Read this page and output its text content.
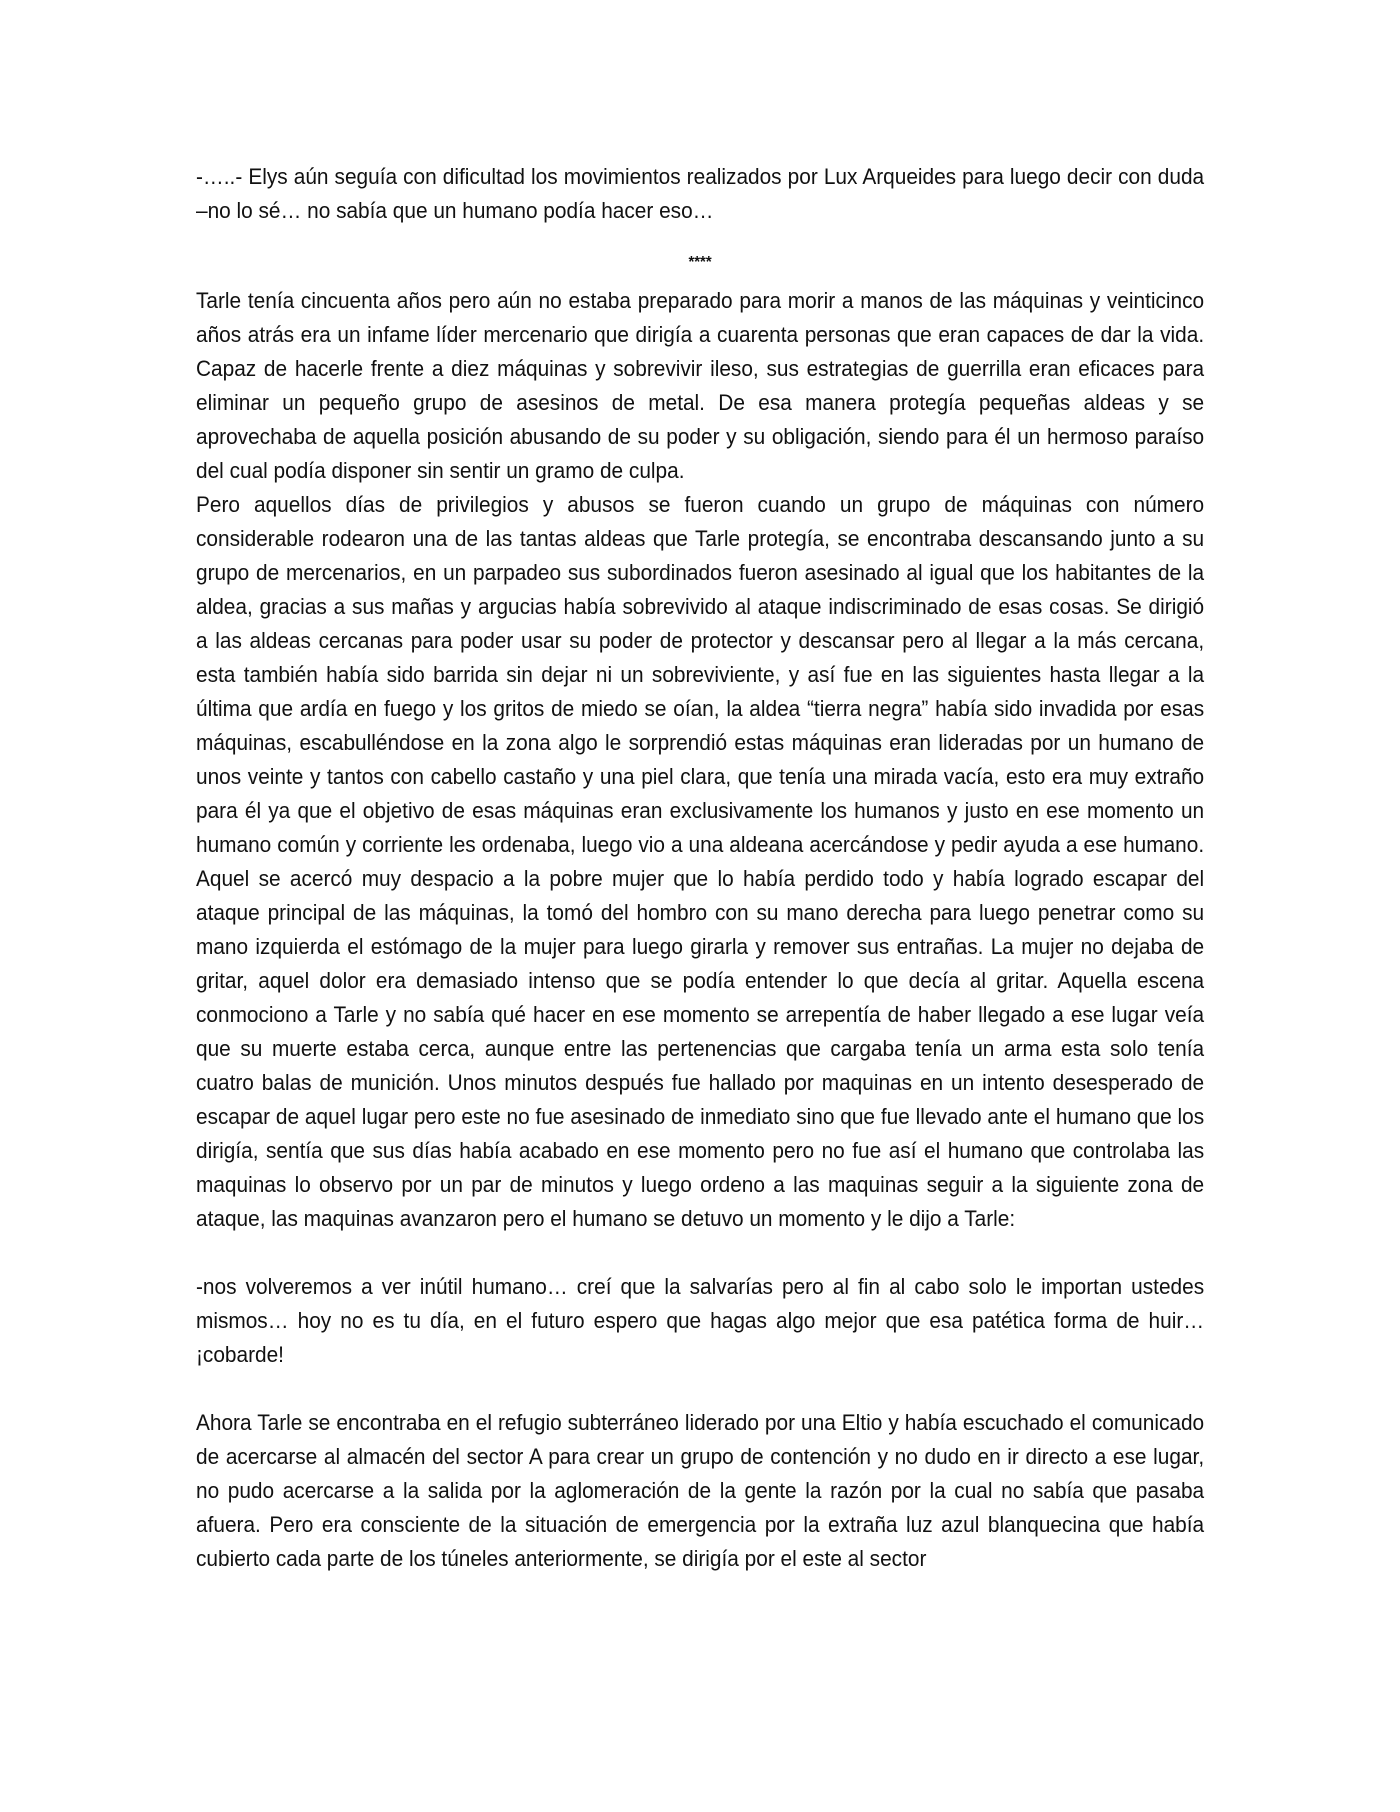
-…..- Elys aún seguía con dificultad los movimientos realizados por Lux Arqueides para luego decir con duda –no lo sé… no sabía que un humano podía hacer eso…

****

Tarle tenía cincuenta años pero aún no estaba preparado para morir a manos de las máquinas y veinticinco años atrás era un infame líder mercenario que dirigía a cuarenta personas que eran capaces de dar la vida. Capaz de hacerle frente a diez máquinas y sobrevivir ileso, sus estrategias de guerrilla eran eficaces para eliminar un pequeño grupo de asesinos de metal. De esa manera protegía pequeñas aldeas y se aprovechaba de aquella posición abusando de su poder y su obligación, siendo para él un hermoso paraíso del cual podía disponer sin sentir un gramo de culpa.

Pero aquellos días de privilegios y abusos se fueron cuando un grupo de máquinas con número considerable rodearon una de las tantas aldeas que Tarle protegía, se encontraba descansando junto a su grupo de mercenarios, en un parpadeo sus subordinados fueron asesinado al igual que los habitantes de la aldea, gracias a sus mañas y argucias había sobrevivido al ataque indiscriminado de esas cosas. Se dirigió a las aldeas cercanas para poder usar su poder de protector y descansar pero al llegar a la más cercana, esta también había sido barrida sin dejar ni un sobreviviente, y así fue en las siguientes hasta llegar a la última que ardía en fuego y los gritos de miedo se oían, la aldea “tierra negra” había sido invadida por esas máquinas, escabulléndose en la zona algo le sorprendió estas máquinas eran lideradas por un humano de unos veinte y tantos con cabello castaño y una piel clara, que tenía una mirada vacía, esto era muy extraño para él ya que el objetivo de esas máquinas eran exclusivamente los humanos y justo en ese momento un humano común y corriente les ordenaba, luego vio a una aldeana acercándose y pedir ayuda a ese humano. Aquel se acercó muy despacio a la pobre mujer que lo había perdido todo y había logrado escapar del ataque principal de las máquinas, la tomó del hombro con su mano derecha para luego penetrar como su mano izquierda el estómago de la mujer para luego girarla y remover sus entrañas. La mujer no dejaba de gritar, aquel dolor era demasiado intenso que se podía entender lo que decía al gritar. Aquella escena conmociono a Tarle y no sabía qué hacer en ese momento se arrepentía de haber llegado a ese lugar veía que su muerte estaba cerca, aunque entre las pertenencias que cargaba tenía un arma esta solo tenía cuatro balas de munición. Unos minutos después fue hallado por maquinas en un intento desesperado de escapar de aquel lugar pero este no fue asesinado de inmediato sino que fue llevado ante el humano que los dirigía, sentía que sus días había acabado en ese momento pero no fue así el humano que controlaba las maquinas lo observo por un par de minutos y luego ordeno a las maquinas seguir a la siguiente zona de ataque, las maquinas avanzaron pero el humano se detuvo un momento y le dijo a Tarle:

-nos volveremos a ver inútil humano… creí que la salvarías pero al fin al cabo solo le importan ustedes mismos… hoy no es tu día, en el futuro espero que hagas algo mejor que esa patética forma de huir… ¡cobarde!

Ahora Tarle se encontraba en el refugio subterráneo liderado por una Eltio y había escuchado el comunicado de acercarse al almacén del sector A para crear un grupo de contención y no dudo en ir directo a ese lugar, no pudo acercarse a la salida por la aglomeración de la gente la razón por la cual no sabía que pasaba afuera. Pero era consciente de la situación de emergencia por la extraña luz azul blanquecina que había cubierto cada parte de los túneles anteriormente, se dirigía por el este al sector
